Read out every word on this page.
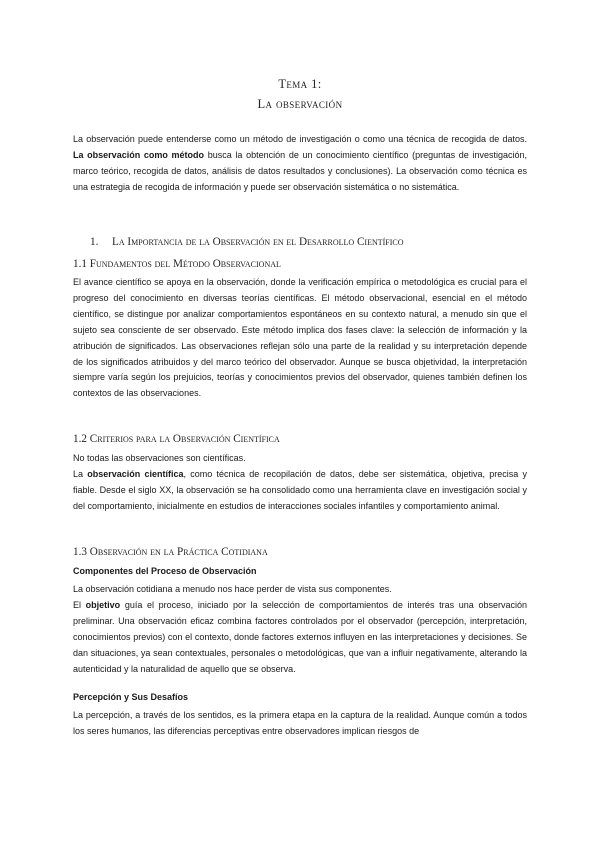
Tema 1:
La observación

La observación puede entenderse como un método de investigación o como una técnica de recogida de datos. La observación como método busca la obtención de un conocimiento científico (preguntas de investigación, marco teórico, recogida de datos, análisis de datos resultados y conclusiones). La observación como técnica es una estrategia de recogida de información y puede ser observación sistemática o no sistemática.

1. La Importancia de la Observación en el Desarrollo Científico
1.1 Fundamentos del Método Observacional

El avance científico se apoya en la observación, donde la verificación empírica o metodológica es crucial para el progreso del conocimiento en diversas teorías científicas. El método observacional, esencial en el método científico, se distingue por analizar comportamientos espontáneos en su contexto natural, a menudo sin que el sujeto sea consciente de ser observado. Este método implica dos fases clave: la selección de información y la atribución de significados. Las observaciones reflejan sólo una parte de la realidad y su interpretación depende de los significados atribuidos y del marco teórico del observador. Aunque se busca objetividad, la interpretación siempre varía según los prejuicios, teorías y conocimientos previos del observador, quienes también definen los contextos de las observaciones.

1.2 Criterios para la Observación Científica

No todas las observaciones son científicas.

La observación científica, como técnica de recopilación de datos, debe ser sistemática, objetiva, precisa y fiable. Desde el siglo XX, la observación se ha consolidado como una herramienta clave en investigación social y del comportamiento, inicialmente en estudios de interacciones sociales infantiles y comportamiento animal.

1.3 Observación en la Práctica Cotidiana
Componentes del Proceso de Observación

La observación cotidiana a menudo nos hace perder de vista sus componentes.

El objetivo guía el proceso, iniciado por la selección de comportamientos de interés tras una observación preliminar. Una observación eficaz combina factores controlados por el observador (percepción, interpretación, conocimientos previos) con el contexto, donde factores externos influyen en las interpretaciones y decisiones. Se dan situaciones, ya sean contextuales, personales o metodológicas, que van a influir negativamente, alterando la autenticidad y la naturalidad de aquello que se observa.

Percepción y Sus Desafíos

La percepción, a través de los sentidos, es la primera etapa en la captura de la realidad. Aunque común a todos los seres humanos, las diferencias perceptivas entre observadores implican riesgos de
